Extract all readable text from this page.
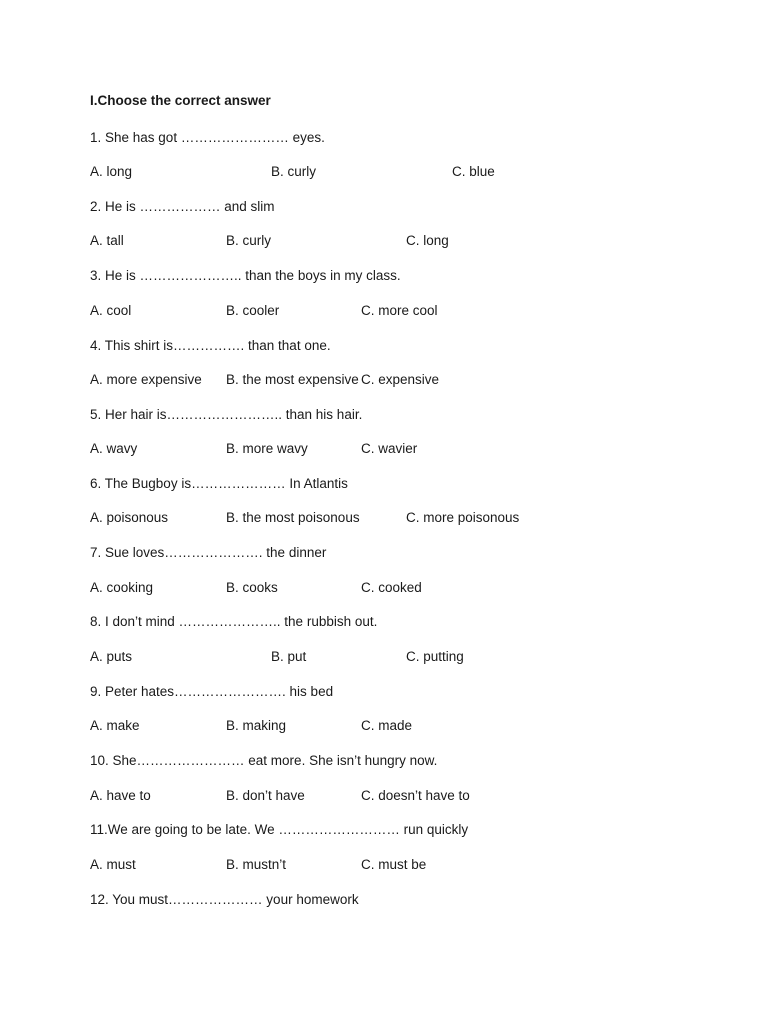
I.Choose the correct answer
1. She has got …………………… eyes.
A. long	B. curly	C. blue
2. He is ……………… and slim
A. tall	B. curly	C. long
3. He is ………………….. than the boys in my class.
A. cool	B. cooler	C. more cool
4. This shirt is……………. than that one.
A. more expensive B. the most expensive C. expensive
5. Her hair is…………………….. than his hair.
A. wavy	B. more wavy	C. wavier
6. The Bugboy is………………… In Atlantis
A. poisonous	B. the most poisonous	C. more poisonous
7. Sue loves…………………. the dinner
A. cooking	B. cooks	C. cooked
8. I don’t mind ………………….. the rubbish out.
A. puts	B. put	C. putting
9. Peter hates……………………. his bed
A. make	B. making	C. made
10. She…………………… eat more. She isn’t hungry now.
A. have to	B. don’t have	C. doesn’t have to
11.We are going to be late. We ……………………… run quickly
A. must	B. mustn’t	C. must be
12. You must………………… your homework
